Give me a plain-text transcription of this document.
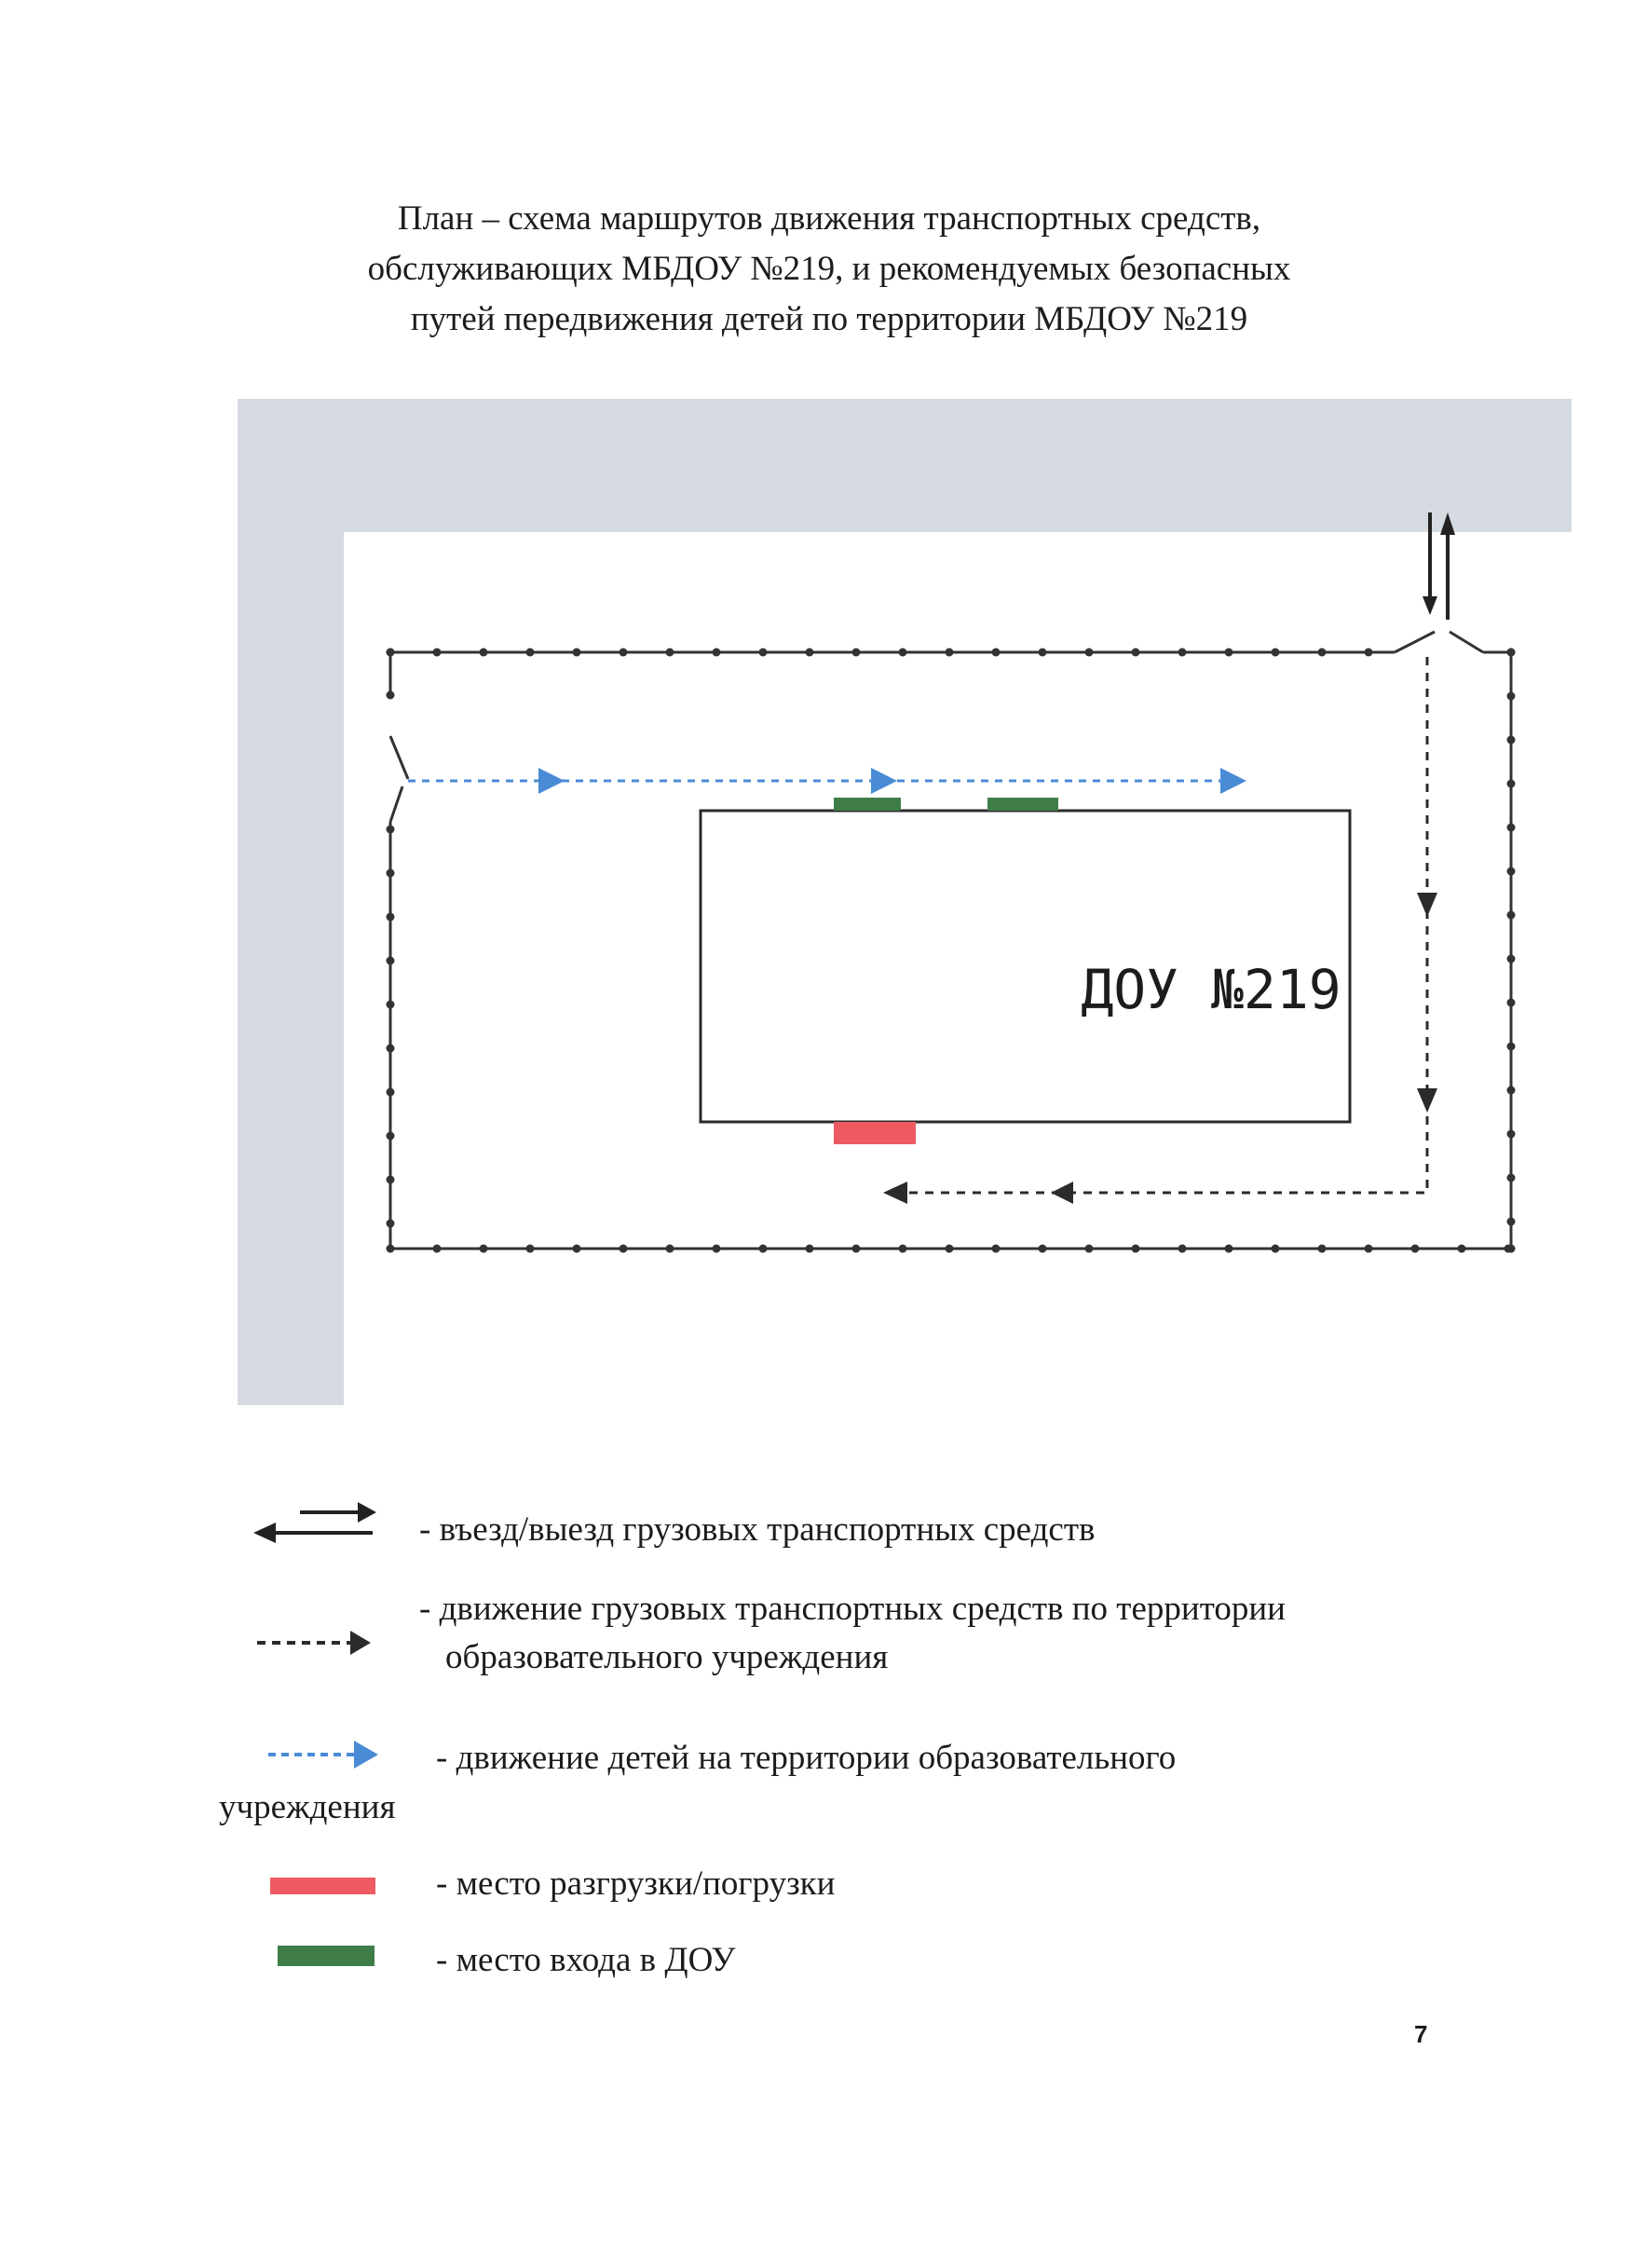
План – схема маршрутов движения транспортных средств,
обслуживающих МБДОУ №219, и рекомендуемых безопасных
путей передвижения детей по территории МБДОУ №219
ДОУ №219
- въезд/выезд грузовых транспортных средств
- движение грузовых транспортных средств по территории
образовательного учреждения
- движение детей на территории образовательного
учреждения
- место разгрузки/погрузки
- место входа в ДОУ
7
